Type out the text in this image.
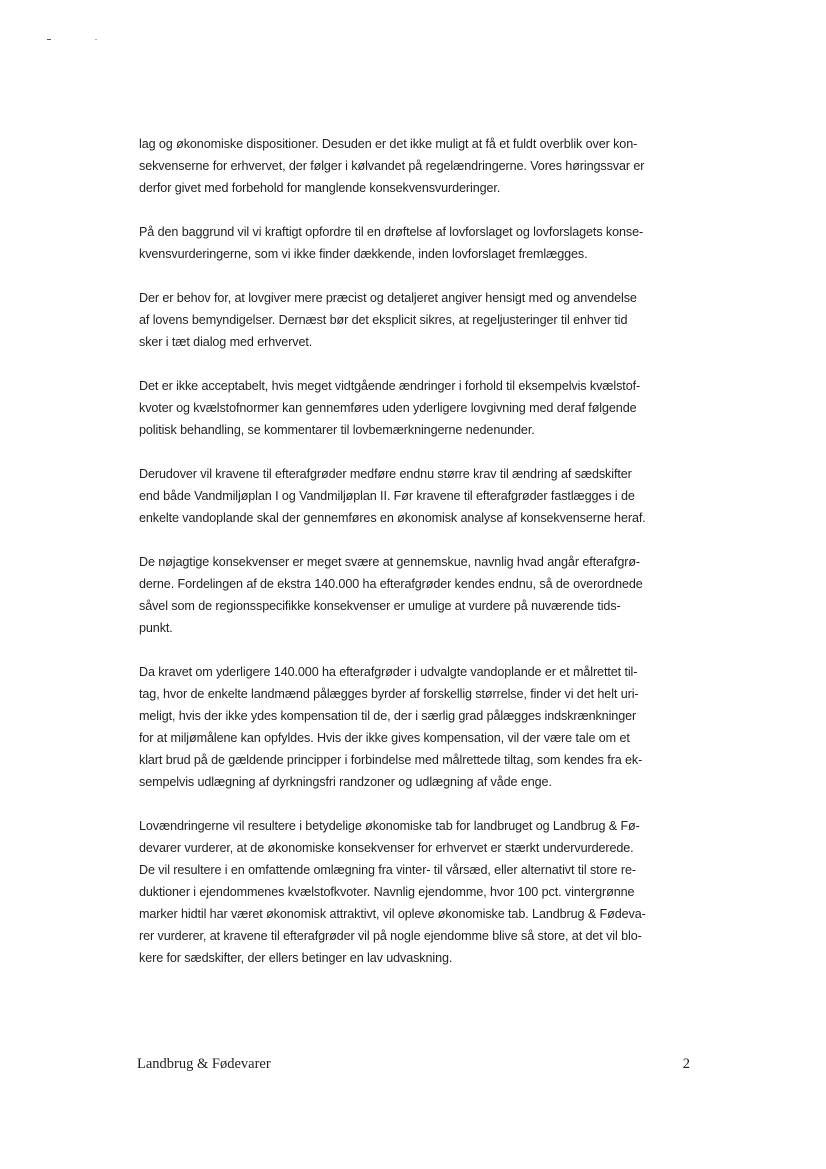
lag og økonomiske dispositioner. Desuden er det ikke muligt at få et fuldt overblik over kon-
sekvenserne for erhvervet, der følger i kølvandet på regelændringerne. Vores høringssvar er
derfor givet med forbehold for manglende konsekvensvurderinger.

På den baggrund vil vi kraftigt opfordre til en drøftelse af lovforslaget og lovforslagets konse-
kvensvurderingerne, som vi ikke finder dækkende, inden lovforslaget fremlægges.

Der er behov for, at lovgiver mere præcist og detaljeret angiver hensigt med og anvendelse
af lovens bemyndigelser. Dernæst bør det eksplicit sikres, at regeljusteringer til enhver tid
sker i tæt dialog med erhvervet.

Det er ikke acceptabelt, hvis meget vidtgående ændringer i forhold til eksempelvis kvælstof-
kvoter og kvælstofnormer kan gennemføres uden yderligere lovgivning med deraf følgende
politisk behandling, se kommentarer til lovbemærkningerne nedenunder.

Derudover vil kravene til efterafgrøder medføre endnu større krav til ændring af sædskifter
end både Vandmiljøplan I og Vandmiljøplan II. Før kravene til efterafgrøder fastlægges i de
enkelte vandoplande skal der gennemføres en økonomisk analyse af konsekvenserne heraf.

De nøjagtige konsekvenser er meget svære at gennemskue, navnlig hvad angår efterafgrø-
derne. Fordelingen af de ekstra 140.000 ha efterafgrøder kendes endnu, så de overordnede
såvel som de regionsspecifikke konsekvenser er umulige at vurdere på nuværende tids-
punkt.

Da kravet om yderligere 140.000 ha efterafgrøder i udvalgte vandoplande er et målrettet til-
tag, hvor de enkelte landmænd pålægges byrder af forskellig størrelse, finder vi det helt uri-
meligt, hvis der ikke ydes kompensation til de, der i særlig grad pålægges indskrænkninger
for at miljømålene kan opfyldes. Hvis der ikke gives kompensation, vil der være tale om et
klart brud på de gældende principper i forbindelse med målrettede tiltag, som kendes fra ek-
sempelvis udlægning af dyrkningsfri randzoner og udlægning af våde enge.

Lovændringerne vil resultere i betydelige økonomiske tab for landbruget og Landbrug & Fø-
devarer vurderer, at de økonomiske konsekvenser for erhvervet er stærkt undervurderede.
De vil resultere i en omfattende omlægning fra vinter- til vårsæd, eller alternativt til store re-
duktioner i ejendommenes kvælstofkvoter. Navnlig ejendomme, hvor 100 pct. vintergrønne
marker hidtil har været økonomisk attraktivt, vil opleve økonomiske tab. Landbrug & Fødeva-
rer vurderer, at kravene til efterafgrøder vil på nogle ejendomme blive så store, at det vil blo-
kere for sædskifter, der ellers betinger en lav udvaskning.

Landbrug & Fødevarer	2
